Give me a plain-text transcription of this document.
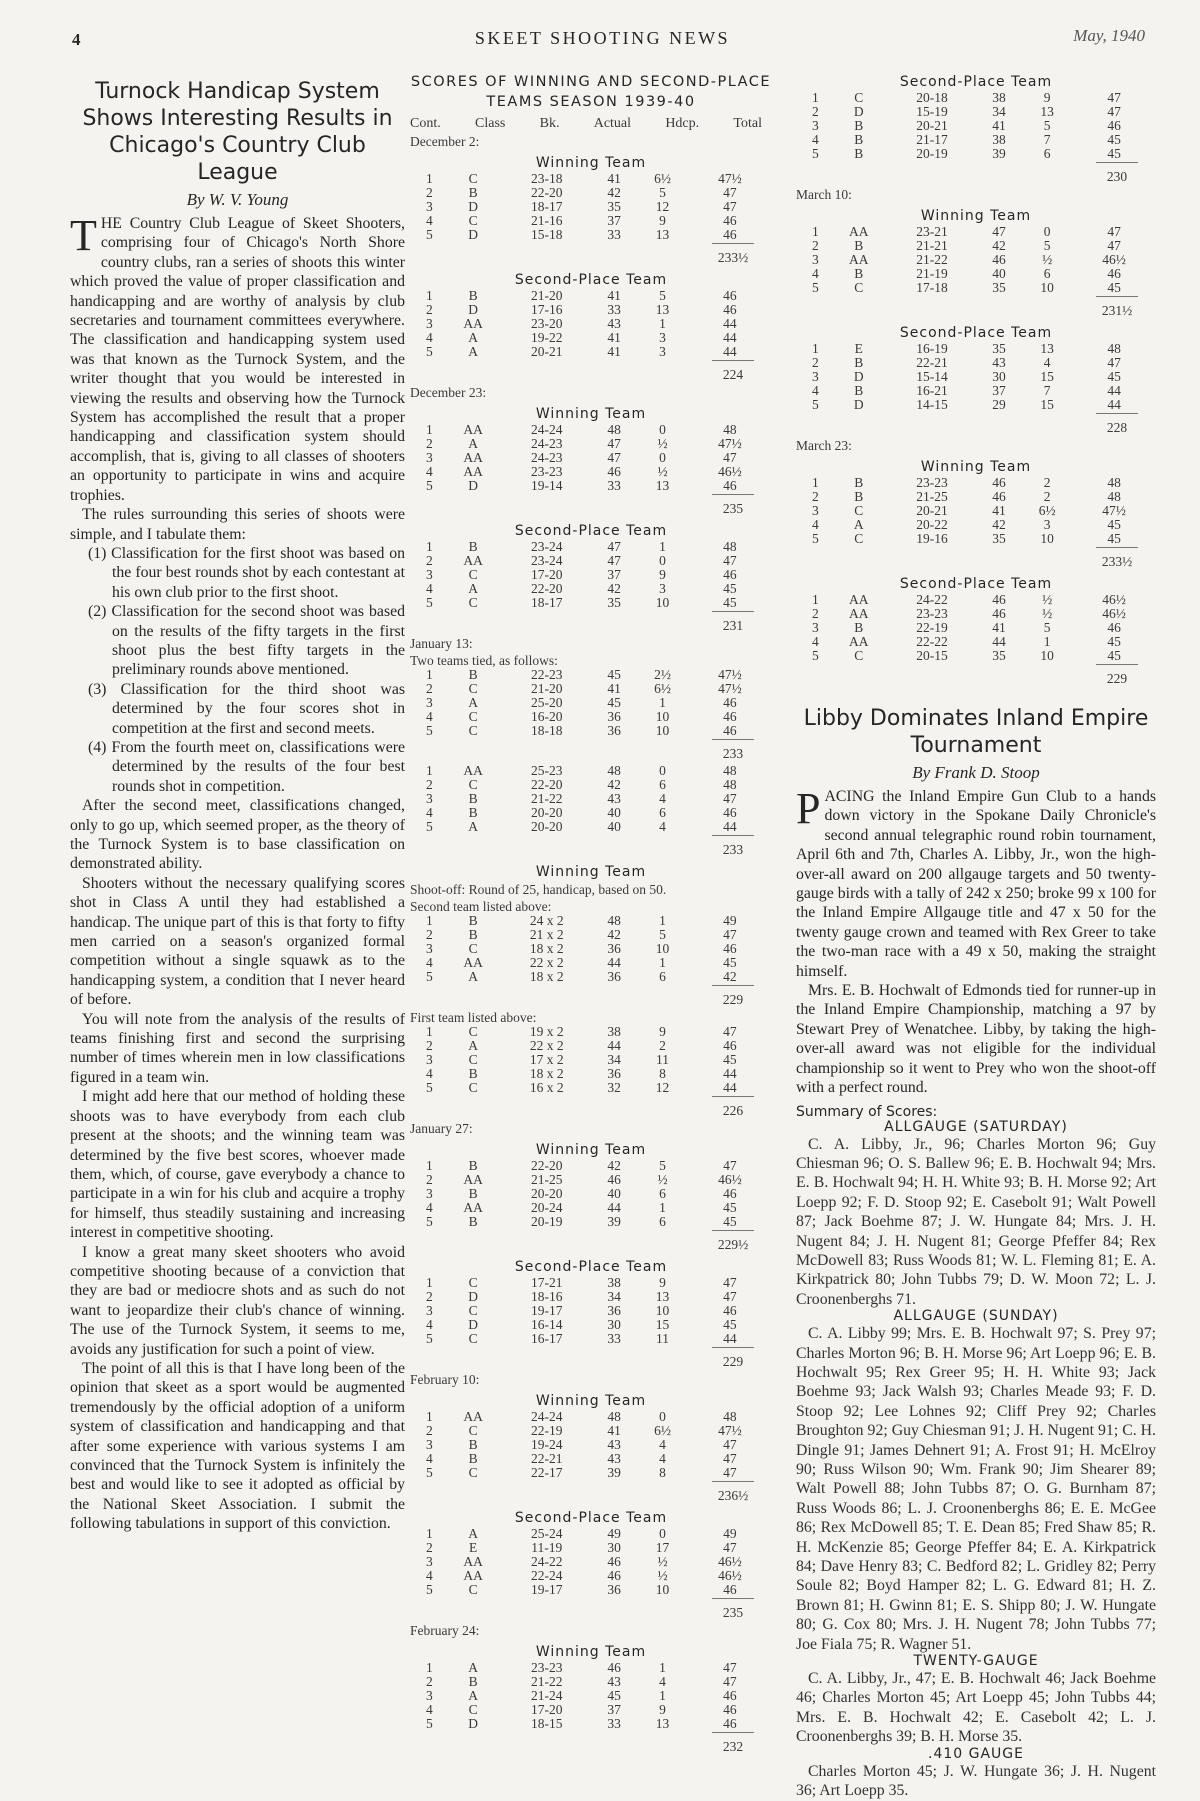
4	SKEET SHOOTING NEWS	May, 1940
Turnock Handicap System Shows Interesting Results in Chicago's Country Club League
By W. V. Young

THE Country Club League of Skeet Shooters, comprising four of Chicago's North Shore country clubs, ran a series of shoots this winter which proved the value of proper classification and handicapping and are worthy of analysis by club secretaries and tournament committees everywhere. The classification and handicapping system used was that known as the Turnock System, and the writer thought that you would be interested in viewing the results and observing how the Turnock System has accomplished the result that a proper handicapping and classification system should accomplish, that is, giving to all classes of shooters an opportunity to participate in wins and acquire trophies.

The rules surrounding this series of shoots were simple, and I tabulate them:

(1) Classification for the first shoot was based on the four best rounds shot by each contestant at his own club prior to the first shoot.
(2) Classification for the second shoot was based on the results of the fifty targets in the first shoot plus the best fifty targets in the preliminary rounds above mentioned.
(3) Classification for the third shoot was determined by the four scores shot in competition at the first and second meets.
(4) From the fourth meet on, classifications were determined by the results of the four best rounds shot in competition.

After the second meet, classifications changed, only to go up, which seemed proper, as the theory of the Turnock System is to base classification on demonstrated ability.

Shooters without the necessary qualifying scores shot in Class A until they had established a handicap. The unique part of this is that forty to fifty men carried on a season's organized formal competition without a single squawk as to the handicapping system, a condition that I never heard of before.

You will note from the analysis of the results of teams finishing first and second the surprising number of times wherein men in low classifications figured in a team win.

I might add here that our method of holding these shoots was to have everybody from each club present at the shoots; and the winning team was determined by the five best scores, whoever made them, which, of course, gave everybody a chance to participate in a win for his club and acquire a trophy for himself, thus steadily sustaining and increasing interest in competitive shooting.

I know a great many skeet shooters who avoid competitive shooting because of a conviction that they are bad or mediocre shots and as such do not want to jeopardize their club's chance of winning. The use of the Turnock System, it seems to me, avoids any justification for such a point of view.

The point of all this is that I have long been of the opinion that skeet as a sport would be augmented tremendously by the official adoption of a uniform system of classification and handicapping and that after some experience with various systems I am convinced that the Turnock System is infinitely the best and would like to see it adopted as official by the National Skeet Association. I submit the following tabulations in support of this conviction.

SCORES OF WINNING AND SECOND-PLACE TEAMS SEASON 1939-40
Cont. Class Bk. Actual Hdcp. Total
December 2:
Winning Team
1	C	23-18	41	6½	47½
2	B	22-20	42	5	47
3	D	18-17	35	12	47
4	C	21-16	37	9	46
5	D	15-18	33	13	46
233½
Second-Place Team
1	B	21-20	41	5	46
2	D	17-16	33	13	46
3	AA	23-20	43	1	44
4	A	19-22	41	3	44
5	A	20-21	41	3	44
224
December 23:
Winning Team
1	AA	24-24	48	0	48
2	A	24-23	47	½	47½
3	AA	24-23	47	0	47
4	AA	23-23	46	½	46½
5	D	19-14	33	13	46
235
Second-Place Team
1	B	23-24	47	1	48
2	AA	23-24	47	0	47
3	C	17-20	37	9	46
4	A	22-20	42	3	45
5	C	18-17	35	10	45
231
January 13:
Two teams tied, as follows:
1	B	22-23	45	2½	47½
2	C	21-20	41	6½	47½
3	A	25-20	45	1	46
4	C	16-20	36	10	46
5	C	18-18	36	10	46
233
1	AA	25-23	48	0	48
2	C	22-20	42	6	48
3	B	21-22	43	4	47
4	B	20-20	40	6	46
5	A	20-20	40	4	44
233
Winning Team
Shoot-off: Round of 25, handicap, based on 50.
Second team listed above:
1	B	24 x 2	48	1	49
2	B	21 x 2	42	5	47
3	C	18 x 2	36	10	46
4	AA	22 x 2	44	1	45
5	A	18 x 2	36	6	42
229
First team listed above:
1	C	19 x 2	38	9	47
2	A	22 x 2	44	2	46
3	C	17 x 2	34	11	45
4	B	18 x 2	36	8	44
5	C	16 x 2	32	12	44
226
January 27:
Winning Team
1	B	22-20	42	5	47
2	AA	21-25	46	½	46½
3	B	20-20	40	6	46
4	AA	20-24	44	1	45
5	B	20-19	39	6	45
229½
Second-Place Team
1	C	17-21	38	9	47
2	D	18-16	34	13	47
3	C	19-17	36	10	46
4	D	16-14	30	15	45
5	C	16-17	33	11	44
229
February 10:
Winning Team
1	AA	24-24	48	0	48
2	C	22-19	41	6½	47½
3	B	19-24	43	4	47
4	B	22-21	43	4	47
5	C	22-17	39	8	47
236½
Second-Place Team
1	A	25-24	49	0	49
2	E	11-19	30	17	47
3	AA	24-22	46	½	46½
4	AA	22-24	46	½	46½
5	C	19-17	36	10	46
235
February 24:
Winning Team
1	A	23-23	46	1	47
2	B	21-22	43	4	47
3	A	21-24	45	1	46
4	C	17-20	37	9	46
5	D	18-15	33	13	46
232
Second-Place Team
1	C	20-18	38	9	47
2	D	15-19	34	13	47
3	B	20-21	41	5	46
4	B	21-17	38	7	45
5	B	20-19	39	6	45
230
March 10:
Winning Team
1	AA	23-21	47	0	47
2	B	21-21	42	5	47
3	AA	21-22	46	½	46½
4	B	21-19	40	6	46
5	C	17-18	35	10	45
231½
Second-Place Team
1	E	16-19	35	13	48
2	B	22-21	43	4	47
3	D	15-14	30	15	45
4	B	16-21	37	7	44
5	D	14-15	29	15	44
228
March 23:
Winning Team
1	B	23-23	46	2	48
2	B	21-25	46	2	48
3	C	20-21	41	6½	47½
4	A	20-22	42	3	45
5	C	19-16	35	10	45
233½
Second-Place Team
1	AA	24-22	46	½	46½
2	AA	23-23	46	½	46½
3	B	22-19	41	5	46
4	AA	22-22	44	1	45
5	C	20-15	35	10	45
229
Libby Dominates Inland Empire Tournament
By Frank D. Stoop

PACING the Inland Empire Gun Club to a hands down victory in the Spokane Daily Chronicle's second annual telegraphic round robin tournament, April 6th and 7th, Charles A. Libby, Jr., won the high-over-all award on 200 allgauge targets and 50 twenty-gauge birds with a tally of 242 x 250; broke 99 x 100 for the Inland Empire Allgauge title and 47 x 50 for the twenty gauge crown and teamed with Rex Greer to take the two-man race with a 49 x 50, making the straight himself.

Mrs. E. B. Hochwalt of Edmonds tied for runner-up in the Inland Empire Championship, matching a 97 by Stewart Prey of Wenatchee. Libby, by taking the high-over-all award was not eligible for the individual championship so it went to Prey who won the shoot-off with a perfect round.

Summary of Scores:
ALLGAUGE (SATURDAY)

C. A. Libby, Jr., 96; Charles Morton 96; Guy Chiesman 96; O. S. Ballew 96; E. B. Hochwalt 94; Mrs. E. B. Hochwalt 94; H. H. White 93; B. H. Morse 92; Art Loepp 92; F. D. Stoop 92; E. Casebolt 91; Walt Powell 87; Jack Boehme 87; J. W. Hungate 84; Mrs. J. H. Nugent 84; J. H. Nugent 81; George Pfeffer 84; Rex McDowell 83; Russ Woods 81; W. L. Fleming 81; E. A. Kirkpatrick 80; John Tubbs 79; D. W. Moon 72; L. J. Croonenberghs 71.

ALLGAUGE (SUNDAY)

C. A. Libby 99; Mrs. E. B. Hochwalt 97; S. Prey 97; Charles Morton 96; B. H. Morse 96; Art Loepp 96; E. B. Hochwalt 95; Rex Greer 95; H. H. White 93; Jack Boehme 93; Jack Walsh 93; Charles Meade 93; F. D. Stoop 92; Lee Lohnes 92; Cliff Prey 92; Charles Broughton 92; Guy Chiesman 91; J. H. Nugent 91; C. H. Dingle 91; James Dehnert 91; A. Frost 91; H. McElroy 90; Russ Wilson 90; Wm. Frank 90; Jim Shearer 89; Walt Powell 88; John Tubbs 87; O. G. Burnham 87; Russ Woods 86; L. J. Croonenberghs 86; E. E. McGee 86; Rex McDowell 85; T. E. Dean 85; Fred Shaw 85; R. H. McKenzie 85; George Pfeffer 84; E. A. Kirkpatrick 84; Dave Henry 83; C. Bedford 82; L. Gridley 82; Perry Soule 82; Boyd Hamper 82; L. G. Edward 81; H. Z. Brown 81; H. Gwinn 81; E. S. Shipp 80; J. W. Hungate 80; G. Cox 80; Mrs. J. H. Nugent 78; John Tubbs 77; Joe Fiala 75; R. Wagner 51.

TWENTY-GAUGE

C. A. Libby, Jr., 47; E. B. Hochwalt 46; Jack Boehme 46; Charles Morton 45; Art Loepp 45; John Tubbs 44; Mrs. E. B. Hochwalt 42; E. Casebolt 42; L. J. Croonenberghs 39; B. H. Morse 35.

.410 GAUGE

Charles Morton 45; J. W. Hungate 36; J. H. Nugent 36; Art Loepp 35.
